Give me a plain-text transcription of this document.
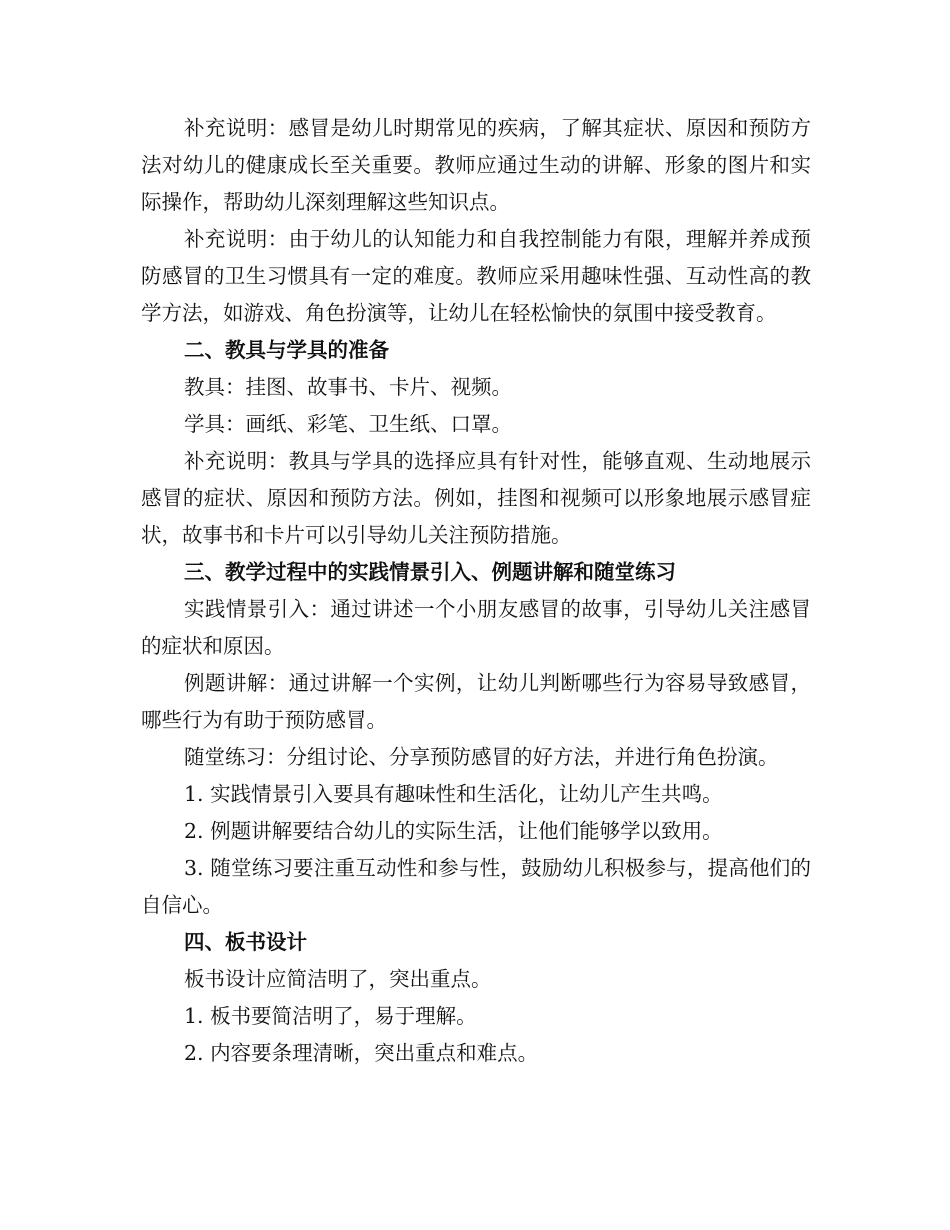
补充说明：感冒是幼儿时期常见的疾病，了解其症状、原因和预防方法对幼儿的健康成长至关重要。教师应通过生动的讲解、形象的图片和实际操作，帮助幼儿深刻理解这些知识点。

补充说明：由于幼儿的认知能力和自我控制能力有限，理解并养成预防感冒的卫生习惯具有一定的难度。教师应采用趣味性强、互动性高的教学方法，如游戏、角色扮演等，让幼儿在轻松愉快的氛围中接受教育。

二、教具与学具的准备

教具：挂图、故事书、卡片、视频。

学具：画纸、彩笔、卫生纸、口罩。

补充说明：教具与学具的选择应具有针对性，能够直观、生动地展示感冒的症状、原因和预防方法。例如，挂图和视频可以形象地展示感冒症状，故事书和卡片可以引导幼儿关注预防措施。

三、教学过程中的实践情景引入、例题讲解和随堂练习

实践情景引入：通过讲述一个小朋友感冒的故事，引导幼儿关注感冒的症状和原因。

例题讲解：通过讲解一个实例，让幼儿判断哪些行为容易导致感冒，哪些行为有助于预防感冒。

随堂练习：分组讨论、分享预防感冒的好方法，并进行角色扮演。

1. 实践情景引入要具有趣味性和生活化，让幼儿产生共鸣。

2. 例题讲解要结合幼儿的实际生活，让他们能够学以致用。

3. 随堂练习要注重互动性和参与性，鼓励幼儿积极参与，提高他们的自信心。

四、板书设计

板书设计应简洁明了，突出重点。

1. 板书要简洁明了，易于理解。

2. 内容要条理清晰，突出重点和难点。
